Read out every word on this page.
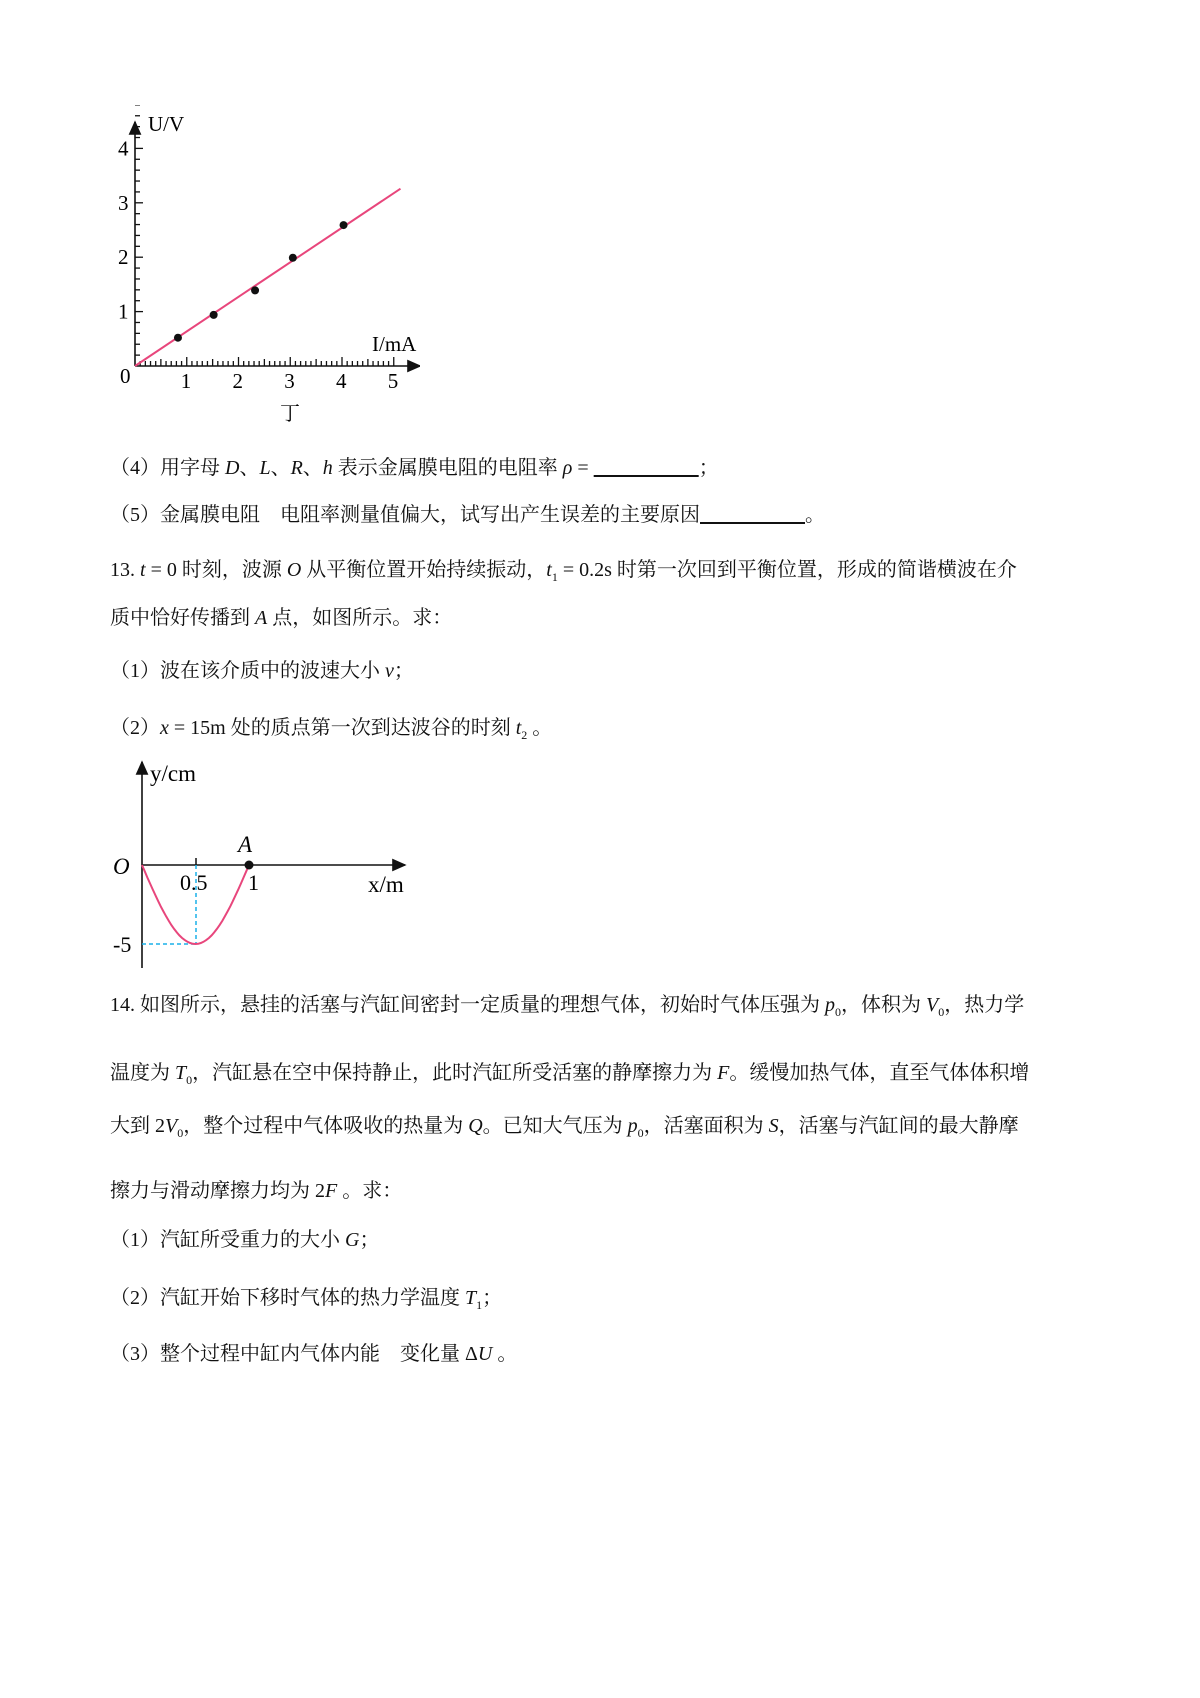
1 2 3 4 5
1
2
3
4
U/V
I/mA
0
丁
y/cm
x/m
O
A
0.5 1
-5
（4）用字母 D、L、R、h 表示金属膜电阻的电阻率 ρ =	；
（5）金属膜电阻　电阻率测量值偏大，试写出产生误差的主要原因	。
13. t = 0 时刻，波源 O 从平衡位置开始持续振动，$t_1 = 0.2s$ 时第一次回到平衡位置，形成的简谐横波在介
质中恰好传播到 A 点，如图所示。求：
（1）波在该介质中的波速大小 v；
（2）x = 15m 处的质点第一次到达波谷的时刻 $t_2$ 。
14. 如图所示，悬挂的活塞与汽缸间密封一定质量的理想气体，初始时气体压强为 $p_0$，体积为 $V_0$，热力学
温度为 $T_0$，汽缸悬在空中保持静止，此时汽缸所受活塞的静摩擦力为 F。缓慢加热气体，直至气体体积增
大到 $2V_0$，整个过程中气体吸收的热量为 Q。已知大气压为 $p_0$，活塞面积为 S，活塞与汽缸间的最大静摩
擦力与滑动摩擦力均为 2F 。求：
（1）汽缸所受重力的大小 G；
（2）汽缸开始下移时气体的热力学温度 $T_1$；
（3）整个过程中缸内气体内能　变化量 ΔU 。
